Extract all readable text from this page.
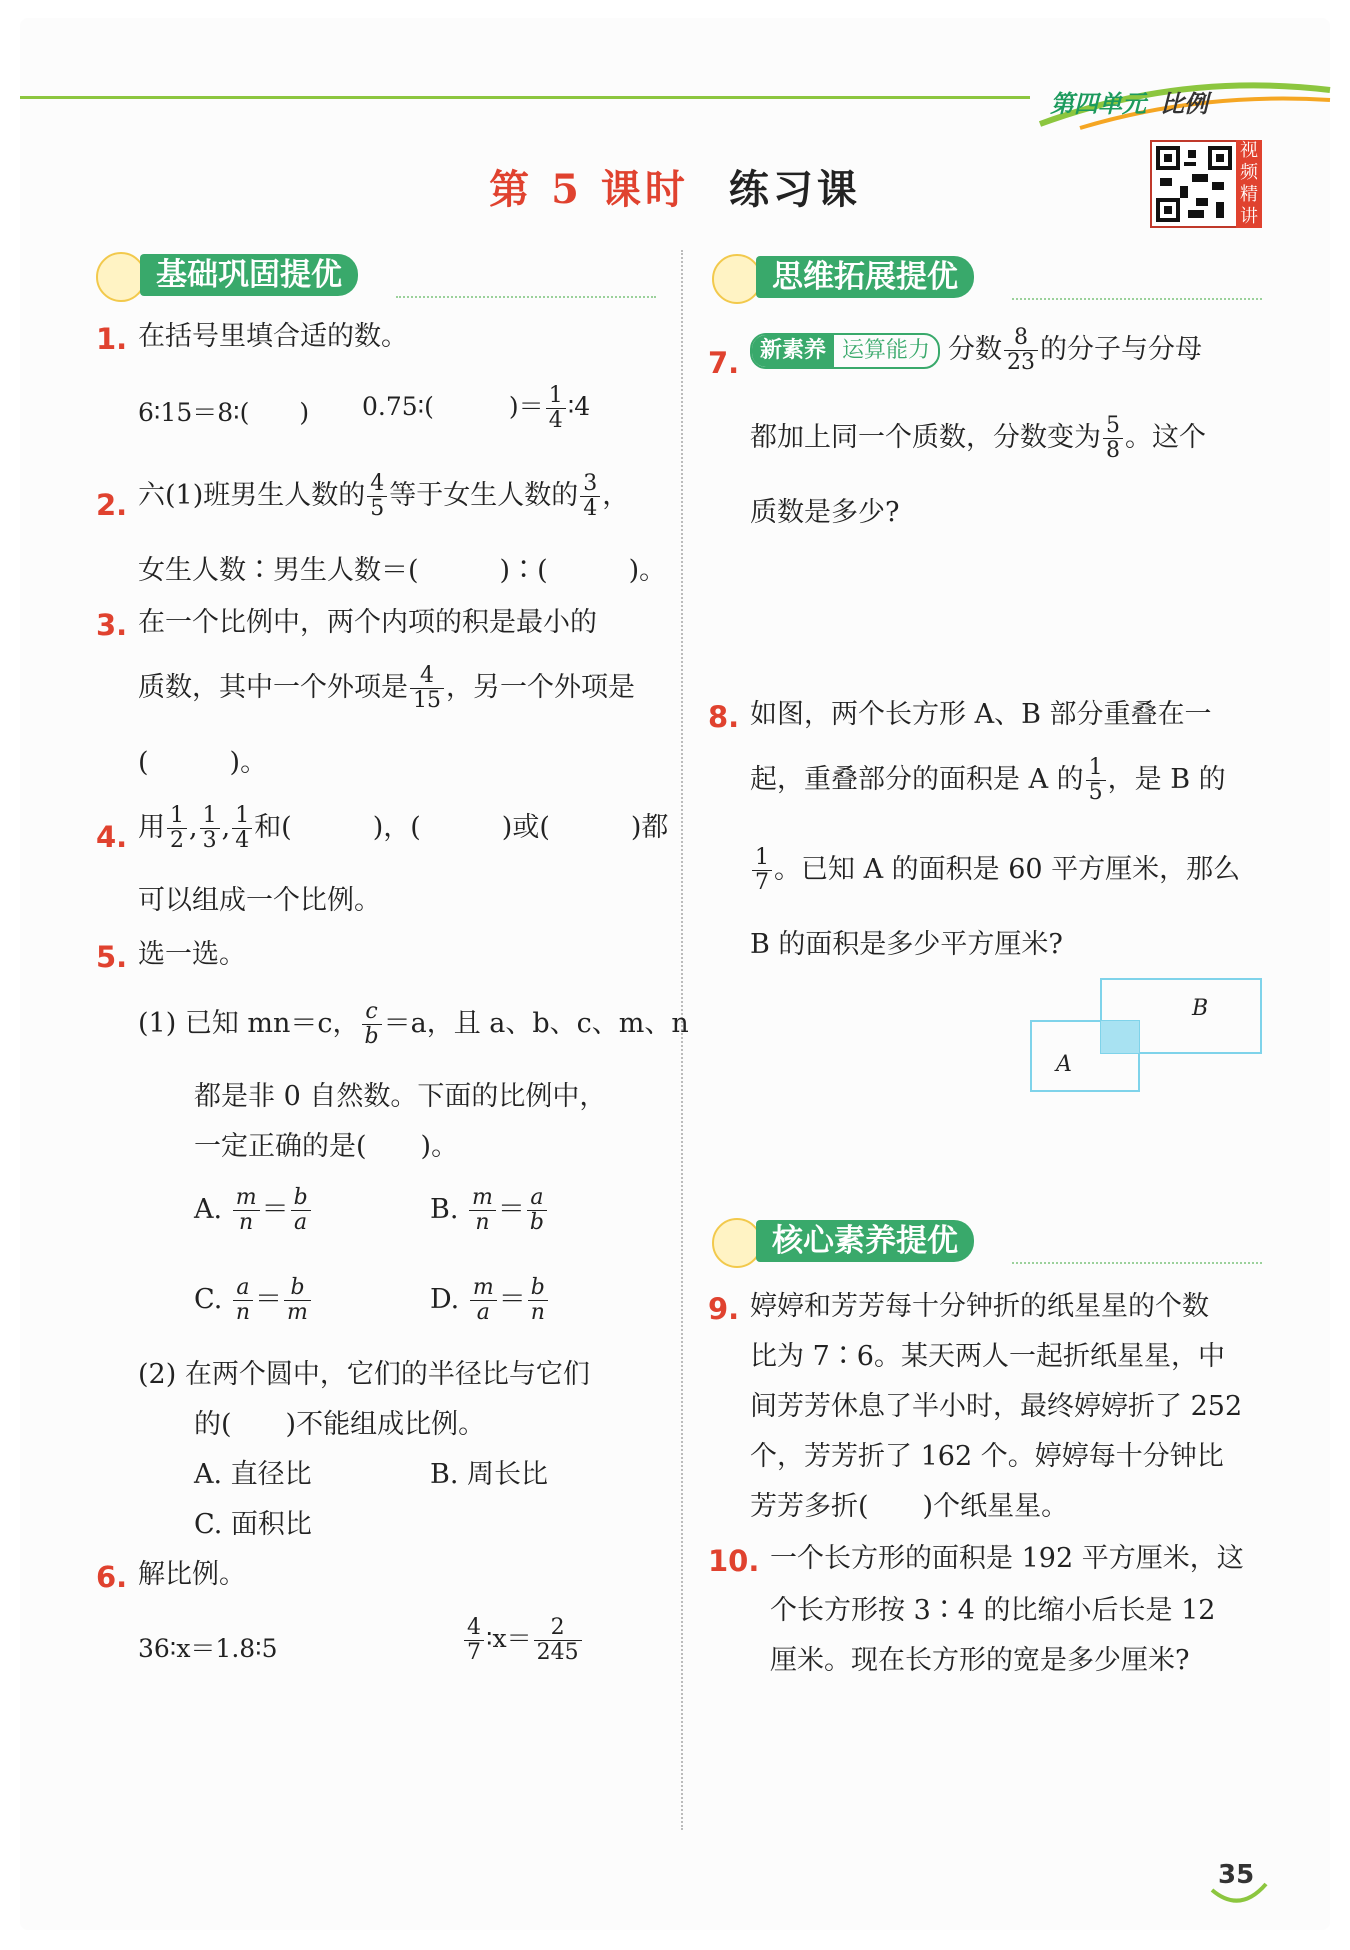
第四单元 比例
第 5 课时 练习课
视频精讲
基础巩固提优
1. 在括号里填合适的数。
6∶15＝8∶(　　) 0.75∶(　　　)＝ $\frac{1}{4}$ ∶4
2. 六(1)班男生人数的 $\frac{4}{5}$ 等于女生人数的 $\frac{3}{4}$ ，
女生人数∶男生人数＝(　　　)∶(　　　)。
3. 在一个比例中，两个内项的积是最小的
质数，其中一个外项是 $\frac{4}{15}$ ，另一个外项是
(　　　)。
4. 用 $\frac{1}{2}$ , $\frac{1}{3}$ , $\frac{1}{4}$ 和(　　　)，(　　　)或(　　　)都
可以组成一个比例。
5. 选一选。
(1) 已知 mn＝c， $\frac{c}{b} =a$，且 a、b、c、m、n
都是非 0 自然数。下面的比例中，
一定正确的是(　　)。
A. $\frac{m}{n} = \frac{b}{a}$	B. $\frac{m}{n} = \frac{a}{b}$
C. $\frac{a}{n} = \frac{b}{m}$	D. $\frac{m}{a} = \frac{b}{n}$
(2) 在两个圆中，它们的半径比与它们
的(　　)不能组成比例。
A. 直径比	B. 周长比
C. 面积比
6. 解比例。
36∶x＝1.8∶5	$\frac{4}{7}$ ∶x＝ $\frac{2}{245}$
思维拓展提优
7. 新素养 运算能力 分数 $\frac{8}{23}$ 的分子与分母
都加上同一个质数，分数变为 $\frac{5}{8}$ 。这个
质数是多少?
8. 如图，两个长方形 A、B 部分重叠在一
起，重叠部分的面积是 A 的 $\frac{1}{5}$ ，是 B 的
$\frac{1}{7}$ 。已知 A 的面积是 60 平方厘米，那么
B 的面积是多少平方厘米?
B
A
核心素养提优
9. 婷婷和芳芳每十分钟折的纸星星的个数
比为 7∶6。某天两人一起折纸星星，中
间芳芳休息了半小时，最终婷婷折了 252
个，芳芳折了 162 个。婷婷每十分钟比
芳芳多折(　　)个纸星星。
10. 一个长方形的面积是 192 平方厘米，这
个长方形按 3∶4 的比缩小后长是 12
厘米。现在长方形的宽是多少厘米?
35
